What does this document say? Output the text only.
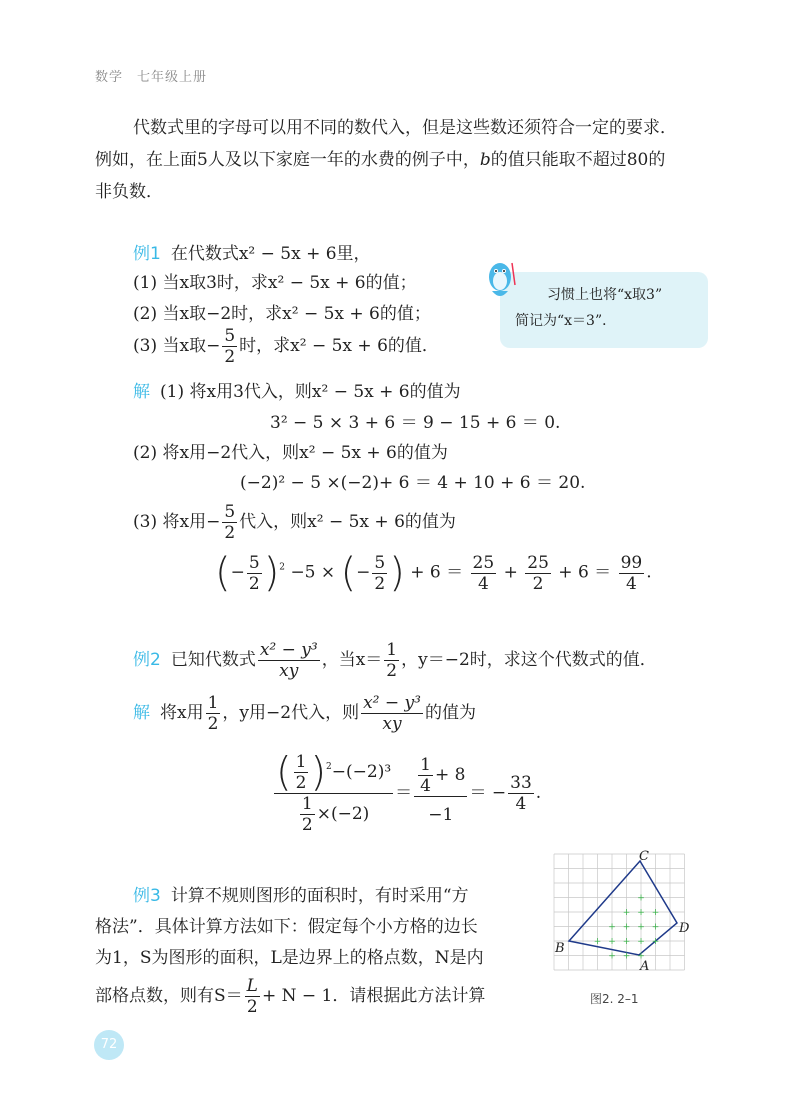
数学 七年级上册
代数式里的字母可以用不同的数代入，但是这些数还须符合一定的要求．
例如，在上面5人及以下家庭一年的水费的例子中，b的值只能取不超过80的
非负数．
例1 在代数式x² − 5x + 6里，
(1) 当x取3时，求x² − 5x + 6的值；
(2) 当x取−2时，求x² − 5x + 6的值；
(3) 当x取− $\frac{5}{2}$ 时，求x² − 5x + 6的值．
习惯上也将“x取3”
简记为“x＝3”．
解 (1) 将x用3代入，则x² − 5x + 6的值为
3² − 5 × 3 + 6 ＝ 9 − 15 + 6 ＝ 0.
(2) 将x用−2代入，则x² − 5x + 6的值为
(−2)² − 5 ×(−2)+ 6 ＝ 4 + 10 + 6 ＝ 20.
(3) 将x用− $\frac{5}{2}$ 代入，则x² − 5x + 6的值为
(− $\frac{5}{2} )^2 -5$ × (− $\frac{5}{2}$ ) + $6 = \frac{25}{4} + \frac{25}{2} + 6 = \frac{99}{4}$ .
例2 已知代数式 $\frac{\text{x² − y³}}{xy}$ ，当$x= \frac{1}{2}$ ，y＝−2时，求这个代数式的值．
解 将x用 $\frac{1}{2}$ ，y用−2代入，则 $\frac{\text{x² − y³}}{xy}$ 的值为
$\frac{( \frac{1}{2} )^2-(-2)^3}{\frac{1}{2} \times(-2)} = \frac{\frac{1}{4} + 8}{-1}$ ＝ − $\frac{33}{4}$ .
例3 计算不规则图形的面积时，有时采用“方
格法”．具体计算方法如下：假定每个小方格的边长
为1，S为图形的面积，L是边界上的格点数，N是内
部格点数，则有$S= \frac{L}{2} + N - 1$．请根据此方法计算
+
+ + +
+ + + +
+ + + + +
+ + +
B
C
D
A
图2. 2–1
72
